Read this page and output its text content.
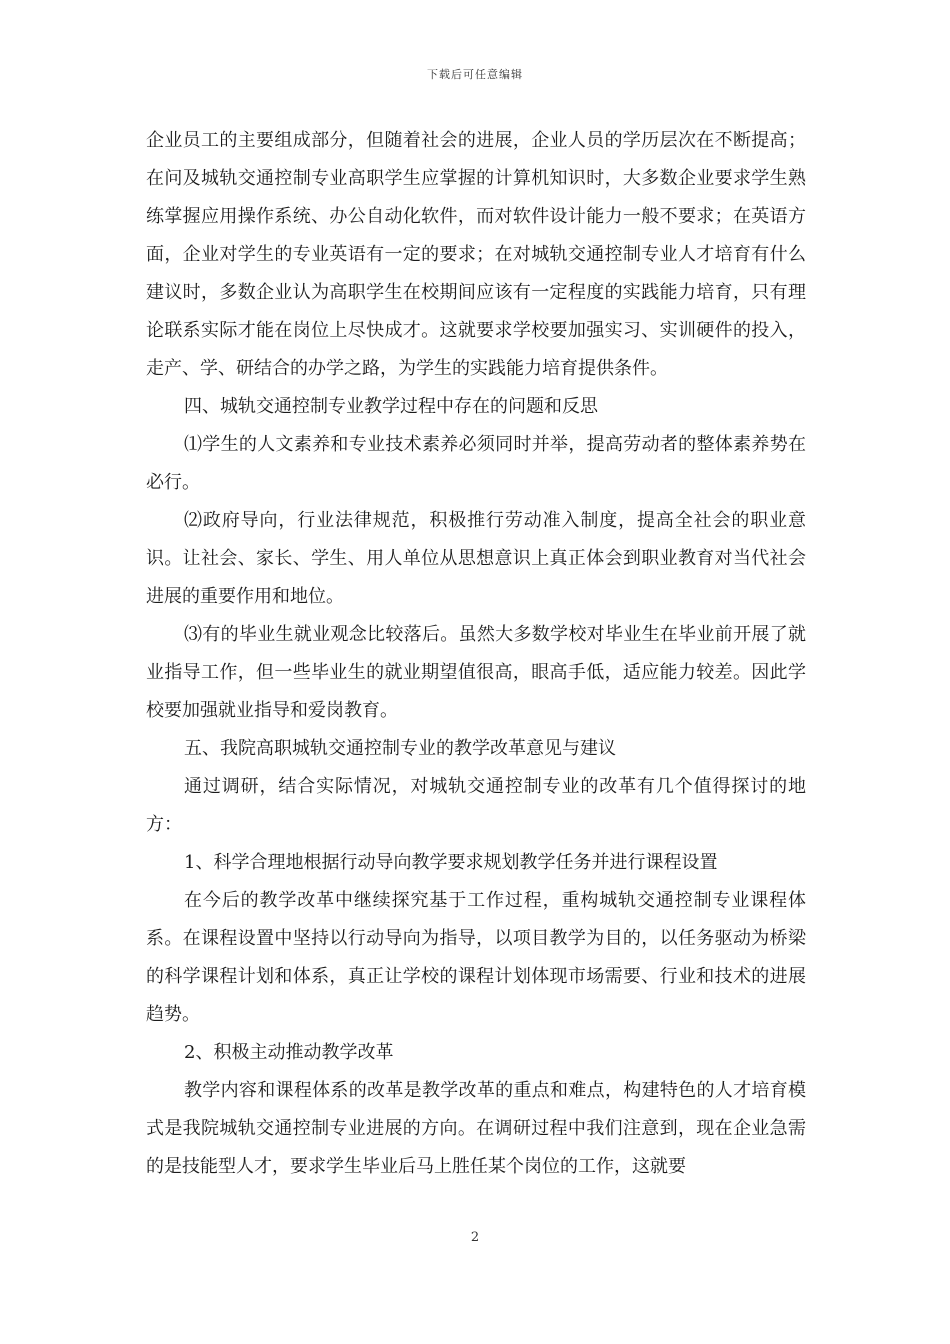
下载后可任意编辑

企业员工的主要组成部分，但随着社会的进展，企业人员的学历层次在不断提高；在问及城轨交通控制专业高职学生应掌握的计算机知识时，大多数企业要求学生熟练掌握应用操作系统、办公自动化软件，而对软件设计能力一般不要求；在英语方面，企业对学生的专业英语有一定的要求；在对城轨交通控制专业人才培育有什么建议时，多数企业认为高职学生在校期间应该有一定程度的实践能力培育，只有理论联系实际才能在岗位上尽快成才。这就要求学校要加强实习、实训硬件的投入，走产、学、研结合的办学之路，为学生的实践能力培育提供条件。

四、城轨交通控制专业教学过程中存在的问题和反思

⑴学生的人文素养和专业技术素养必须同时并举，提高劳动者的整体素养势在必行。

⑵政府导向，行业法律规范，积极推行劳动准入制度，提高全社会的职业意识。让社会、家长、学生、用人单位从思想意识上真正体会到职业教育对当代社会进展的重要作用和地位。

⑶有的毕业生就业观念比较落后。虽然大多数学校对毕业生在毕业前开展了就业指导工作，但一些毕业生的就业期望值很高，眼高手低，适应能力较差。因此学校要加强就业指导和爱岗教育。

五、我院高职城轨交通控制专业的教学改革意见与建议

通过调研，结合实际情况，对城轨交通控制专业的改革有几个值得探讨的地方：

1、科学合理地根据行动导向教学要求规划教学任务并进行课程设置

在今后的教学改革中继续探究基于工作过程，重构城轨交通控制专业课程体系。在课程设置中坚持以行动导向为指导，以项目教学为目的，以任务驱动为桥梁的科学课程计划和体系，真正让学校的课程计划体现市场需要、行业和技术的进展趋势。

2、积极主动推动教学改革

教学内容和课程体系的改革是教学改革的重点和难点，构建特色的人才培育模式是我院城轨交通控制专业进展的方向。在调研过程中我们注意到，现在企业急需的是技能型人才，要求学生毕业后马上胜任某个岗位的工作，这就要

2
